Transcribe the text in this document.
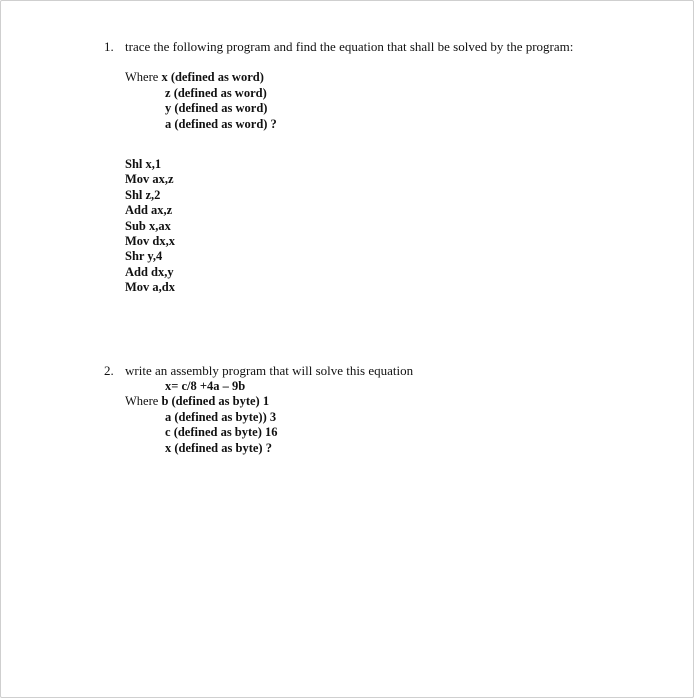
1. trace the following program and find the equation that shall be solved by the program:
Where x (defined as word)
z (defined as word)
y (defined as word)
a (defined as word) ?
Shl x,1
Mov ax,z
Shl z,2
Add ax,z
Sub x,ax
Mov dx,x
Shr y,4
Add dx,y
Mov a,dx
2. write an assembly program that will solve this equation
x= c/8 +4a – 9b
Where b (defined as byte) 1
a (defined as byte)) 3
c (defined as byte) 16
x (defined as byte) ?
